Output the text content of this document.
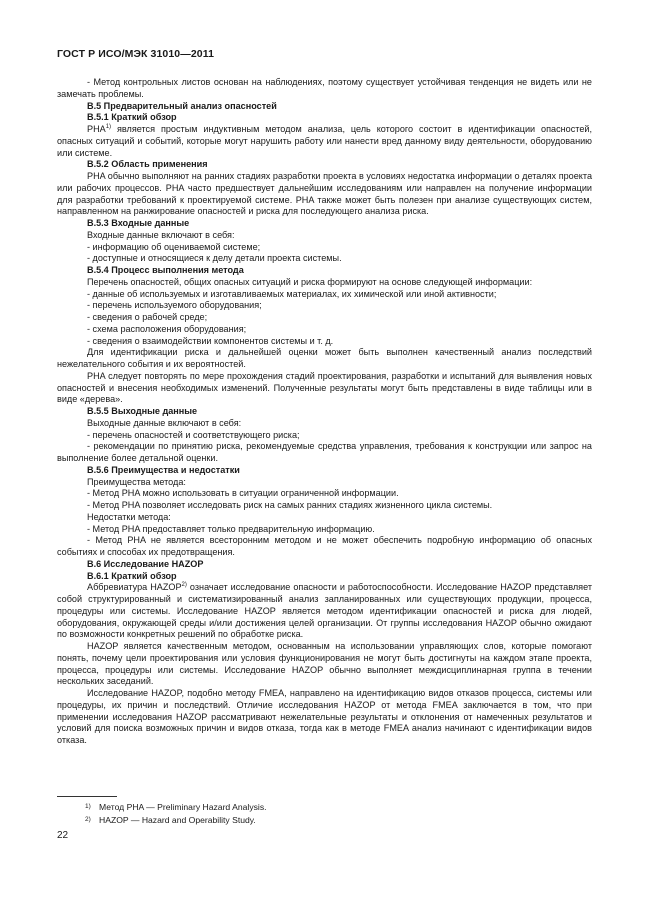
ГОСТ Р ИСО/МЭК 31010—2011

- Метод контрольных листов основан на наблюдениях, поэтому существует устойчивая тенденция не видеть или не замечать проблемы.

В.5 Предварительный анализ опасностей

В.5.1 Краткий обзор

PHA$^{1)}$ является простым индуктивным методом анализа, цель которого состоит в идентификации опасностей, опасных ситуаций и событий, которые могут нарушить работу или нанести вред данному виду деятельности, оборудованию или системе.

В.5.2 Область применения

PHA обычно выполняют на ранних стадиях разработки проекта в условиях недостатка информации о деталях проекта или рабочих процессов. PHA часто предшествует дальнейшим исследованиям или направлен на получение информации для разработки требований к проектируемой системе. PHA также может быть полезен при анализе существующих систем, направленном на ранжирование опасностей и риска для последующего анализа риска.

В.5.3 Входные данные

Входные данные включают в себя:

- информацию об оцениваемой системе;

- доступные и относящиеся к делу детали проекта системы.

В.5.4 Процесс выполнения метода

Перечень опасностей, общих опасных ситуаций и риска формируют на основе следующей информации:

- данные об используемых и изготавливаемых материалах, их химической или иной активности;

- перечень используемого оборудования;

- сведения о рабочей среде;

- схема расположения оборудования;

- сведения о взаимодействии компонентов системы и т. д.

Для идентификации риска и дальнейшей оценки может быть выполнен качественный анализ последствий нежелательного события и их вероятностей.

PHA следует повторять по мере прохождения стадий проектирования, разработки и испытаний для выявления новых опасностей и внесения необходимых изменений. Полученные результаты могут быть представлены в виде таблицы или в виде «дерева».

В.5.5 Выходные данные

Выходные данные включают в себя:

- перечень опасностей и соответствующего риска;

- рекомендации по принятию риска, рекомендуемые средства управления, требования к конструкции или запрос на выполнение более детальной оценки.

В.5.6 Преимущества и недостатки

Преимущества метода:

- Метод PHA можно использовать в ситуации ограниченной информации.

- Метод PHA позволяет исследовать риск на самых ранних стадиях жизненного цикла системы.

Недостатки метода:

- Метод PHA предоставляет только предварительную информацию.

- Метод PHA не является всесторонним методом и не может обеспечить подробную информацию об опасных событиях и способах их предотвращения.

В.6 Исследование HAZOP

В.6.1 Краткий обзор

Аббревиатура HAZOP$^{2)}$ означает исследование опасности и работоспособности. Исследование HAZOP представляет собой структурированный и систематизированный анализ запланированных или существующих продукции, процесса, процедуры или системы. Исследование HAZOP является методом идентификации опасностей и риска для людей, оборудования, окружающей среды и/или достижения целей организации. От группы исследования HAZOP обычно ожидают по возможности конкретных решений по обработке риска.

HAZOP является качественным методом, основанным на использовании управляющих слов, которые помогают понять, почему цели проектирования или условия функционирования не могут быть достигнуты на каждом этапе проекта, процесса, процедуры или системы. Исследование HAZOP обычно выполняет междисциплинарная группа в течении нескольких заседаний.

Исследование HAZOP, подобно методу FMEA, направлено на идентификацию видов отказов процесса, системы или процедуры, их причин и последствий. Отличие исследования HAZOP от метода FMEA заключается в том, что при применении исследования HAZOP рассматривают нежелательные результаты и отклонения от намеченных результатов и условий для поиска возможных причин и видов отказа, тогда как в методе FMEA анализ начинают с идентификации видов отказа.

1) Метод PHA — Preliminary Hazard Analysis.
2) HAZOP — Hazard and Operability Study.
22
